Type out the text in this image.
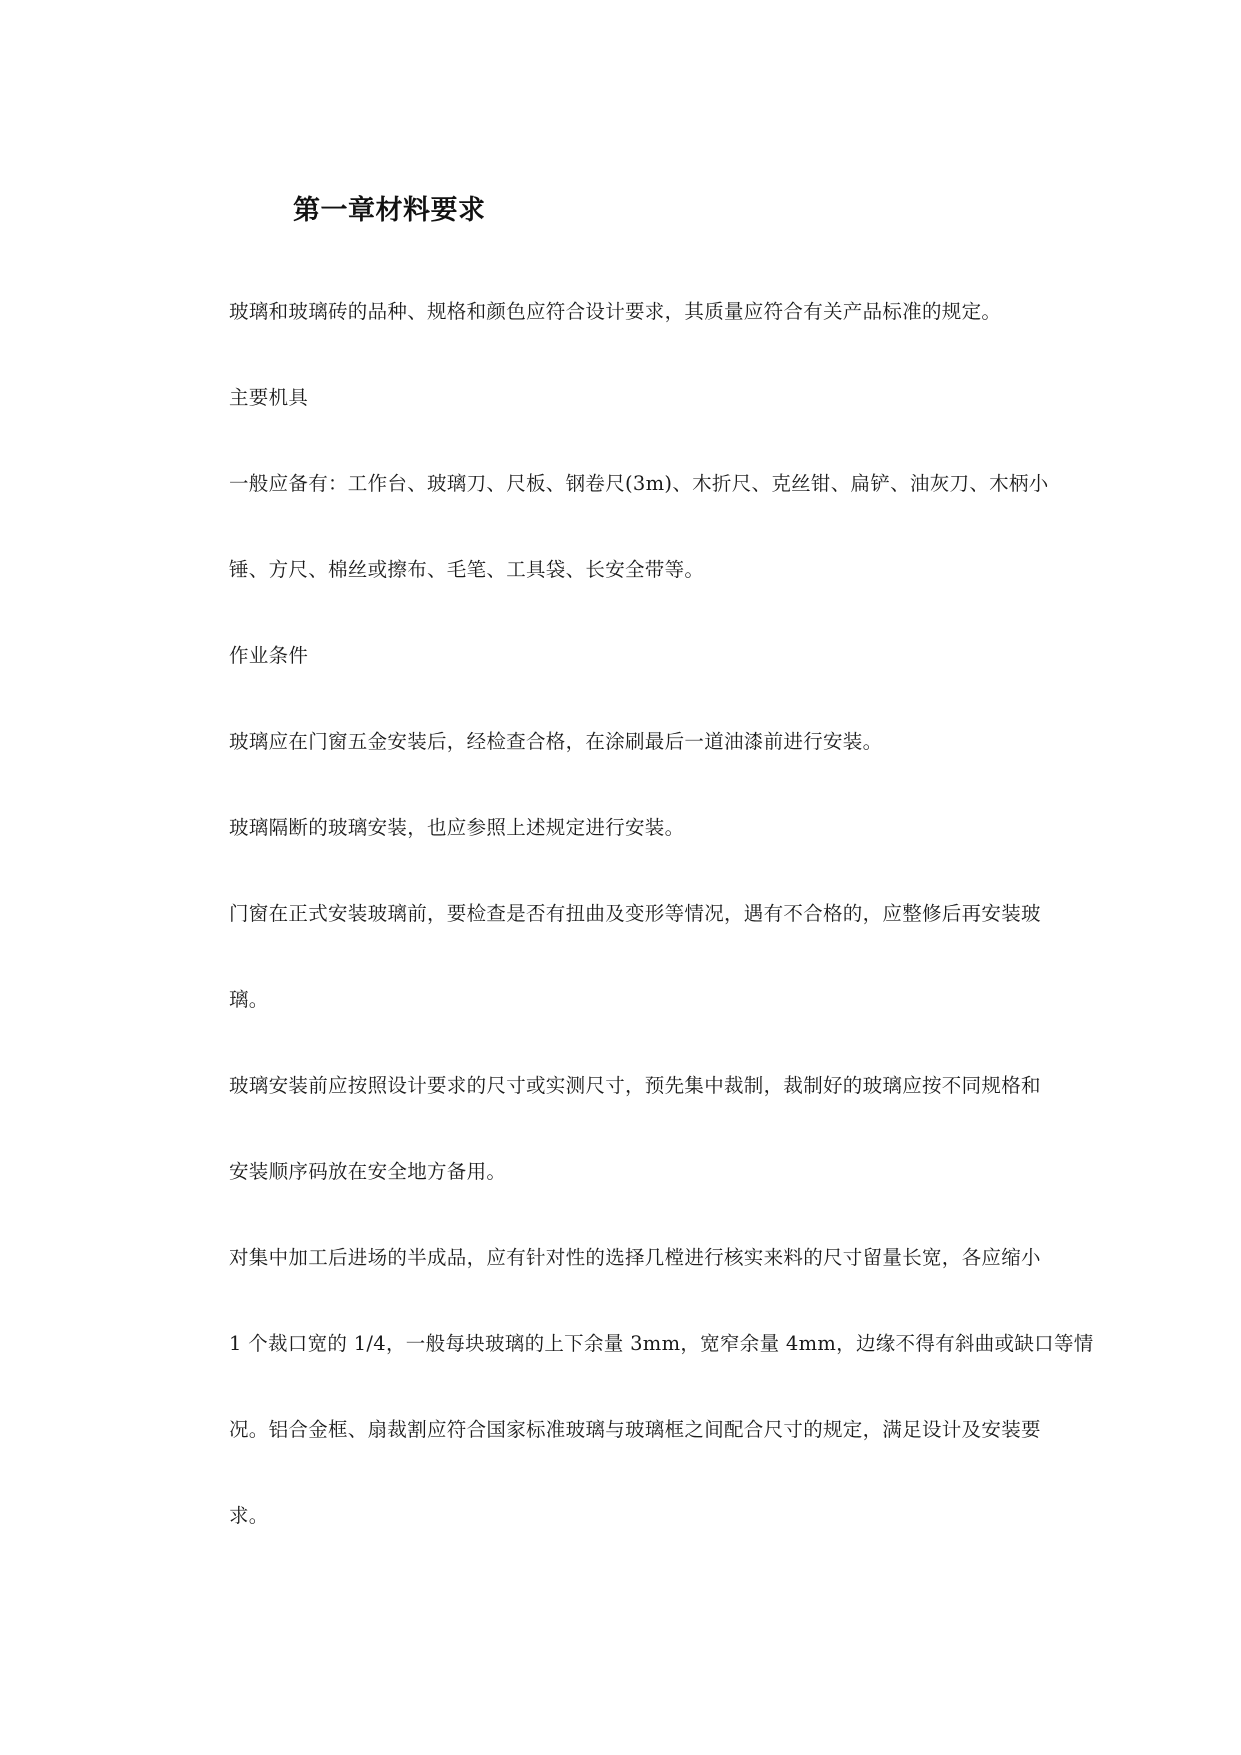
第一章材料要求
玻璃和玻璃砖的品种、规格和颜色应符合设计要求，其质量应符合有关产品标准的规定。
主要机具
一般应备有：工作台、玻璃刀、尺板、钢卷尺(3m)、木折尺、克丝钳、扁铲、油灰刀、木柄小
锤、方尺、棉丝或擦布、毛笔、工具袋、长安全带等。
作业条件
玻璃应在门窗五金安装后，经检查合格，在涂刷最后一道油漆前进行安装。
玻璃隔断的玻璃安装，也应参照上述规定进行安装。
门窗在正式安装玻璃前，要检查是否有扭曲及变形等情况，遇有不合格的，应整修后再安装玻
璃。
玻璃安装前应按照设计要求的尺寸或实测尺寸，预先集中裁制，裁制好的玻璃应按不同规格和
安装顺序码放在安全地方备用。
对集中加工后进场的半成品，应有针对性的选择几樘进行核实来料的尺寸留量长宽，各应缩小
1 个裁口宽的 1/4，一般每块玻璃的上下余量 3mm，宽窄余量 4mm，边缘不得有斜曲或缺口等情
况。铝合金框、扇裁割应符合国家标准玻璃与玻璃框之间配合尺寸的规定，满足设计及安装要
求。
